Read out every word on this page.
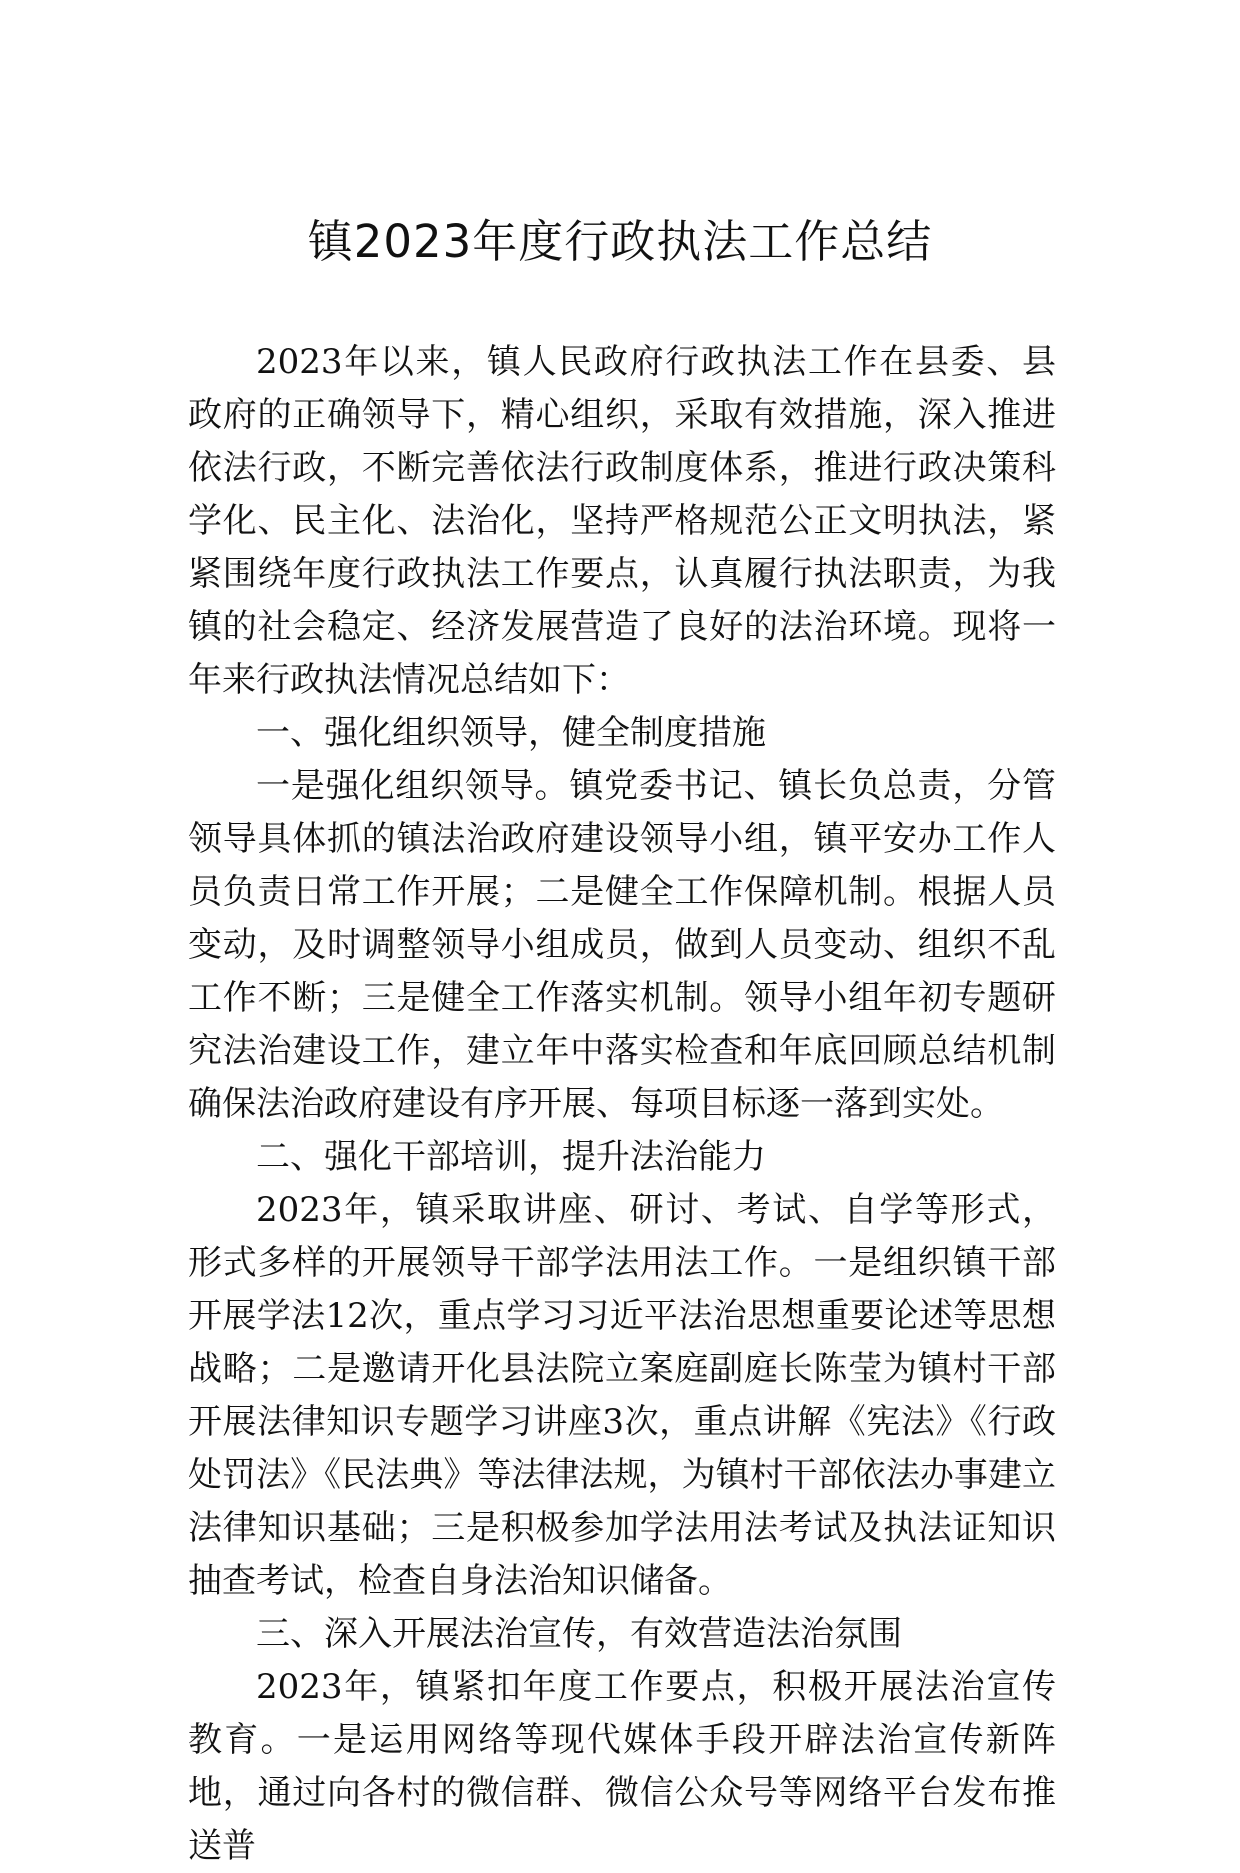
镇2023年度行政执法工作总结

2023年以来，镇人民政府行政执法工作在县委、县政府的正确领导下，精心组织，采取有效措施，深入推进依法行政，不断完善依法行政制度体系，推进行政决策科学化、民主化、法治化，坚持严格规范公正文明执法，紧紧围绕年度行政执法工作要点，认真履行执法职责，为我镇的社会稳定、经济发展营造了良好的法治环境。现将一年来行政执法情况总结如下：

一、强化组织领导，健全制度措施

一是强化组织领导。镇党委书记、镇长负总责，分管领导具体抓的镇法治政府建设领导小组，镇平安办工作人员负责日常工作开展；二是健全工作保障机制。根据人员变动，及时调整领导小组成员，做到人员变动、组织不乱工作不断；三是健全工作落实机制。领导小组年初专题研究法治建设工作，建立年中落实检查和年底回顾总结机制确保法治政府建设有序开展、每项目标逐一落到实处。

二、强化干部培训，提升法治能力

2023年，镇采取讲座、研讨、考试、自学等形式，形式多样的开展领导干部学法用法工作。一是组织镇干部开展学法12次，重点学习习近平法治思想重要论述等思想战略；二是邀请开化县法院立案庭副庭长陈莹为镇村干部开展法律知识专题学习讲座3次，重点讲解《宪法》《行政处罚法》《民法典》等法律法规，为镇村干部依法办事建立法律知识基础；三是积极参加学法用法考试及执法证知识抽查考试，检查自身法治知识储备。

三、深入开展法治宣传，有效营造法治氛围

2023年，镇紧扣年度工作要点，积极开展法治宣传教育。一是运用网络等现代媒体手段开辟法治宣传新阵地，通过向各村的微信群、微信公众号等网络平台发布推送普
